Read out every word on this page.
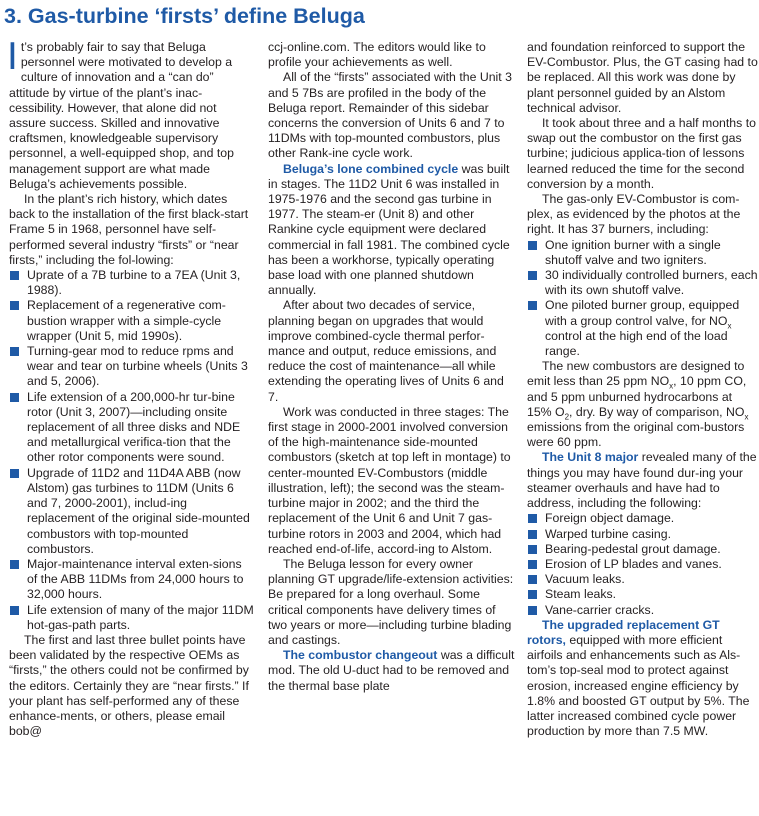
3. Gas-turbine ‘firsts’ define Beluga

It’s probably fair to say that Beluga personnel were motivated to develop a culture of innovation and a “can do” attitude by virtue of the plant’s inac-cessibility. However, that alone did not assure success. Skilled and innovative craftsmen, knowledgeable supervisory personnel, a well-equipped shop, and top management support are what made Beluga’s achievements possible.

In the plant’s rich history, which dates back to the installation of the first black-start Frame 5 in 1968, personnel have self-performed several industry “firsts” or “near firsts,” including the fol-lowing:

Uprate of a 7B turbine to a 7EA (Unit 3, 1988).
Replacement of a regenerative com-bustion wrapper with a simple-cycle wrapper (Unit 5, mid 1990s).
Turning-gear mod to reduce rpms and wear and tear on turbine wheels (Units 3 and 5, 2006).
Life extension of a 200,000-hr tur-bine rotor (Unit 3, 2007)—including onsite replacement of all three disks and NDE and metallurgical verifica-tion that the other rotor components were sound.
Upgrade of 11D2 and 11D4A ABB (now Alstom) gas turbines to 11DM (Units 6 and 7, 2000-2001), includ-ing replacement of the original side-mounted combustors with top-mounted combustors.
Major-maintenance interval exten-sions of the ABB 11DMs from 24,000 hours to 32,000 hours.
Life extension of many of the major 11DM hot-gas-path parts.

The first and last three bullet points have been validated by the respective OEMs as “firsts,” the others could not be confirmed by the editors. Certainly they are “near firsts.” If your plant has self-performed any of these enhance-ments, or others, please email bob@

ccj-online.com. The editors would like to profile your achievements as well.

All of the “firsts” associated with the Unit 3 and 5 7Bs are profiled in the body of the Beluga report. Remainder of this sidebar concerns the conversion of Units 6 and 7 to 11DMs with top-mounted combustors, plus other Rank-ine cycle work.

Beluga’s lone combined cycle was built in stages. The 11D2 Unit 6 was installed in 1975-1976 and the second gas turbine in 1977. The steam-er (Unit 8) and other Rankine cycle equipment were declared commercial in fall 1981. The combined cycle has been a workhorse, typically operating base load with one planned shutdown annually.

After about two decades of service, planning began on upgrades that would improve combined-cycle thermal perfor-mance and output, reduce emissions, and reduce the cost of maintenance—all while extending the operating lives of Units 6 and 7.

Work was conducted in three stages: The first stage in 2000-2001 involved conversion of the high-maintenance side-mounted combustors (sketch at top left in montage) to center-mounted EV-Combustors (middle illustration, left); the second was the steam-turbine major in 2002; and the third the replacement of the Unit 6 and Unit 7 gas-turbine rotors in 2003 and 2004, which had reached end-of-life, accord-ing to Alstom.

The Beluga lesson for every owner planning GT upgrade/life-extension activities: Be prepared for a long overhaul. Some critical components have delivery times of two years or more—including turbine blading and castings.

The combustor changeout was a difficult mod. The old U-duct had to be removed and the thermal base plate

and foundation reinforced to support the EV-Combustor. Plus, the GT casing had to be replaced. All this work was done by plant personnel guided by an Alstom technical advisor.

It took about three and a half months to swap out the combustor on the first gas turbine; judicious applica-tion of lessons learned reduced the time for the second conversion by a month.

The gas-only EV-Combustor is com-plex, as evidenced by the photos at the right. It has 37 burners, including:

One ignition burner with a single shutoff valve and two igniters.
30 individually controlled burners, each with its own shutoff valve.
One piloted burner group, equipped with a group control valve, for $NO_x$ control at the high end of the load range.

The new combustors are designed to emit less than 25 ppm $NO_x$, 10 ppm CO, and 5 ppm unburned hydrocarbons at 15% $O_2$, dry. By way of comparison, $NO_x$ emissions from the original com-bustors were 60 ppm.

The Unit 8 major revealed many of the things you may have found dur-ing your steamer overhauls and have had to address, including the following:

Foreign object damage.
Warped turbine casing.
Bearing-pedestal grout damage.
Erosion of LP blades and vanes.
Vacuum leaks.
Steam leaks.
Vane-carrier cracks.

The upgraded replacement GT rotors, equipped with more efficient airfoils and enhancements such as Als-tom’s top-seal mod to protect against erosion, increased engine efficiency by 1.8% and boosted GT output by 5%. The latter increased combined cycle power production by more than 7.5 MW.
